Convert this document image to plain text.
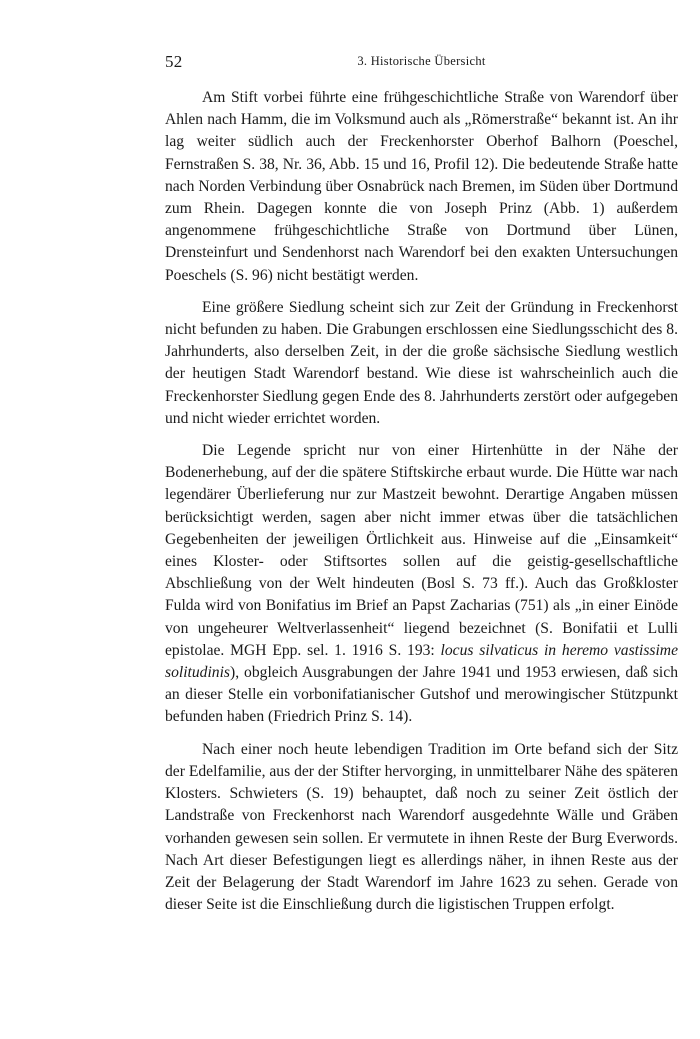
52	3. Historische Übersicht

Am Stift vorbei führte eine frühgeschichtliche Straße von Warendorf über Ahlen nach Hamm, die im Volksmund auch als „Römerstraße“ bekannt ist. An ihr lag weiter südlich auch der Freckenhorster Oberhof Balhorn (Poeschel, Fernstraßen S. 38, Nr. 36, Abb. 15 und 16, Profil 12). Die bedeutende Straße hatte nach Norden Verbindung über Osnabrück nach Bremen, im Süden über Dortmund zum Rhein. Dagegen konnte die von Joseph Prinz (Abb. 1) außerdem angenommene frühgeschichtliche Straße von Dortmund über Lünen, Drensteinfurt und Sendenhorst nach Warendorf bei den exakten Untersuchungen Poeschels (S. 96) nicht bestätigt werden.

Eine größere Siedlung scheint sich zur Zeit der Gründung in Freckenhorst nicht befunden zu haben. Die Grabungen erschlossen eine Siedlungsschicht des 8. Jahrhunderts, also derselben Zeit, in der die große sächsische Siedlung westlich der heutigen Stadt Warendorf bestand. Wie diese ist wahrscheinlich auch die Freckenhorster Siedlung gegen Ende des 8. Jahrhunderts zerstört oder aufgegeben und nicht wieder errichtet worden.

Die Legende spricht nur von einer Hirtenhütte in der Nähe der Bodenerhebung, auf der die spätere Stiftskirche erbaut wurde. Die Hütte war nach legendärer Überlieferung nur zur Mastzeit bewohnt. Derartige Angaben müssen berücksichtigt werden, sagen aber nicht immer etwas über die tatsächlichen Gegebenheiten der jeweiligen Örtlichkeit aus. Hinweise auf die „Einsamkeit“ eines Kloster- oder Stiftsortes sollen auf die geistig-gesellschaftliche Abschließung von der Welt hindeuten (Bosl S. 73 ff.). Auch das Großkloster Fulda wird von Bonifatius im Brief an Papst Zacharias (751) als „in einer Einöde von ungeheurer Weltverlassenheit“ liegend bezeichnet (S. Bonifatii et Lulli epistolae. MGH Epp. sel. 1. 1916 S. 193: locus silvaticus in heremo vastissime solitudinis), obgleich Ausgrabungen der Jahre 1941 und 1953 erwiesen, daß sich an dieser Stelle ein vorbonifatianischer Gutshof und merowingischer Stützpunkt befunden haben (Friedrich Prinz S. 14).

Nach einer noch heute lebendigen Tradition im Orte befand sich der Sitz der Edelfamilie, aus der der Stifter hervorging, in unmittelbarer Nähe des späteren Klosters. Schwieters (S. 19) behauptet, daß noch zu seiner Zeit östlich der Landstraße von Freckenhorst nach Warendorf ausgedehnte Wälle und Gräben vorhanden gewesen sein sollen. Er vermutete in ihnen Reste der Burg Everwords. Nach Art dieser Befestigungen liegt es allerdings näher, in ihnen Reste aus der Zeit der Belagerung der Stadt Warendorf im Jahre 1623 zu sehen. Gerade von dieser Seite ist die Einschließung durch die ligistischen Truppen erfolgt.
